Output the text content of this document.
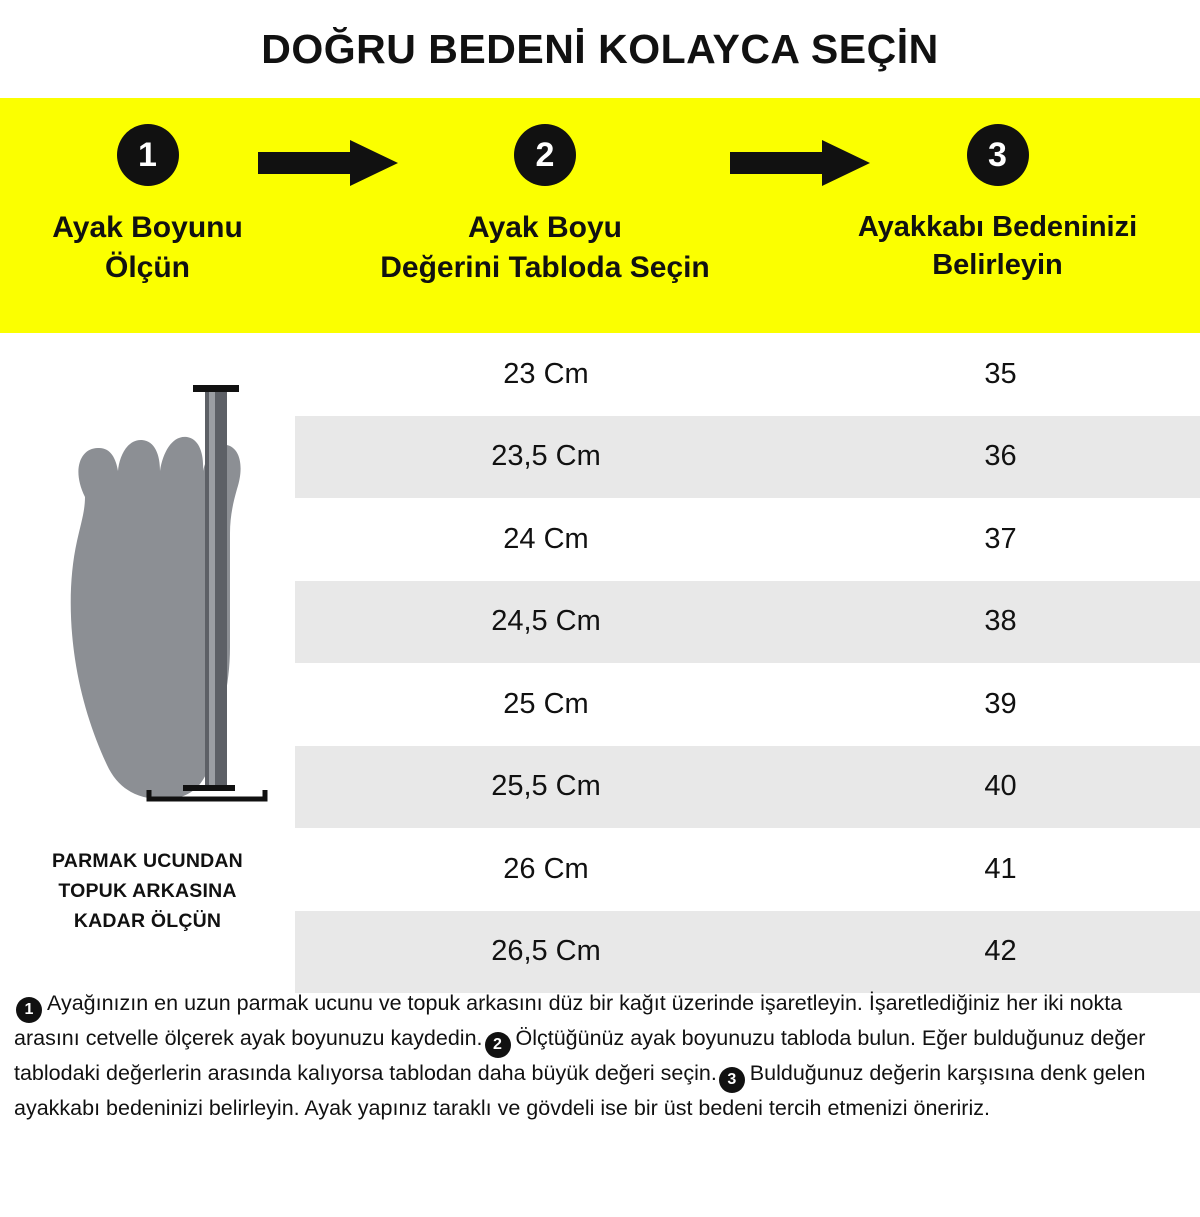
DOĞRU BEDENİ KOLAYCA SEÇİN
1
Ayak Boyunu
Ölçün
2
Ayak Boyu
Değerini Tabloda Seçin
3
Ayakkabı Bedeninizi
Belirleyin
PARMAK UCUNDAN
TOPUK ARKASINA
KADAR ÖLÇÜN
23 Cm	35
23,5 Cm	36
24 Cm	37
24,5 Cm	38
25 Cm	39
25,5 Cm	40
26 Cm	41
26,5 Cm	42
1 Ayağınızın en uzun parmak ucunu ve topuk arkasını düz bir kağıt üzerinde işaretleyin. İşaretlediğiniz her iki nokta arasını cetvelle ölçerek ayak boyunuzu kaydedin. 2 Ölçtüğünüz ayak boyunuzu tabloda bulun. Eğer bulduğunuz değer tablodaki değerlerin arasında kalıyorsa tablodan daha büyük değeri seçin. 3 Bulduğunuz değerin karşısına denk gelen ayakkabı bedeninizi belirleyin. Ayak yapınız taraklı ve gövdeli ise bir üst bedeni tercih etmenizi öneririz.
